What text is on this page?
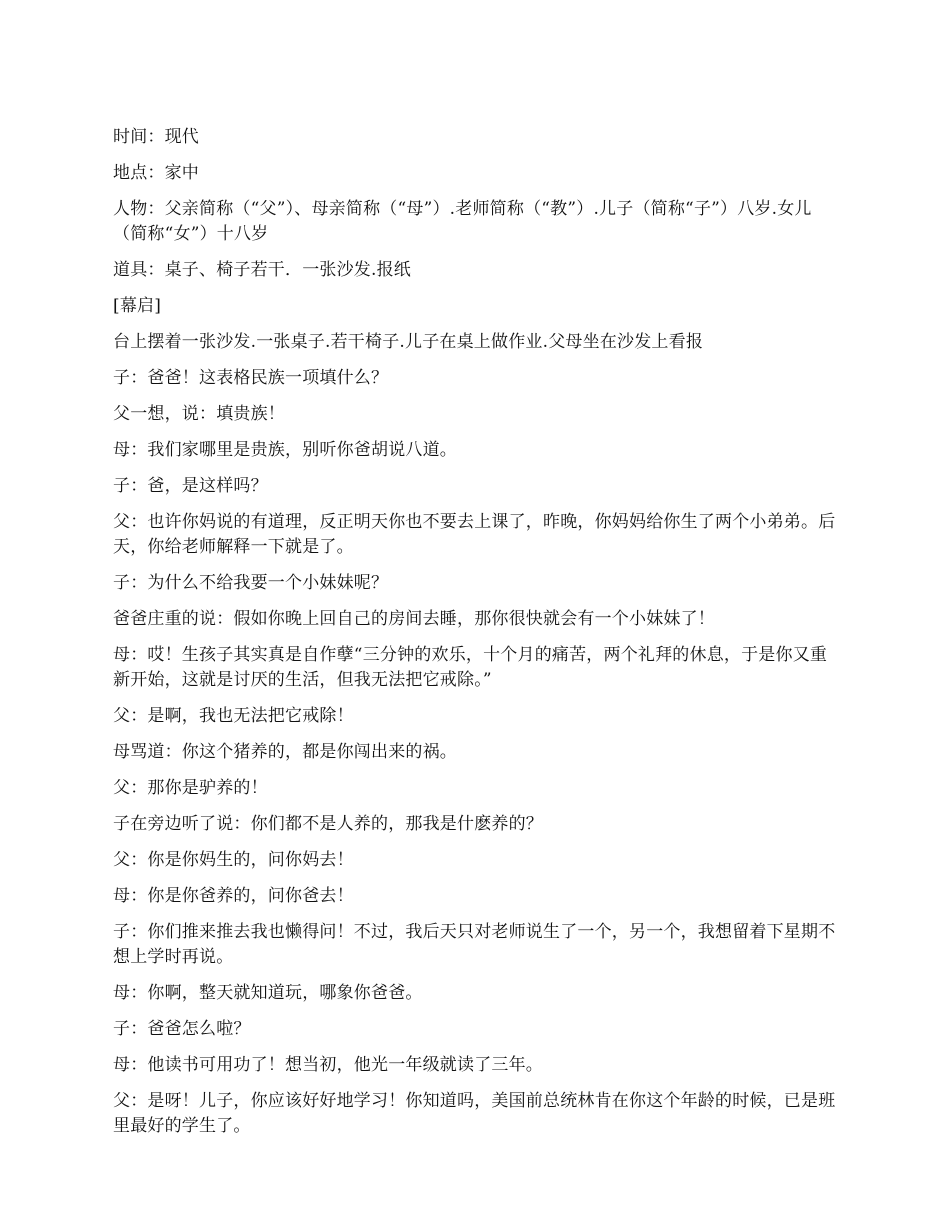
时间：现代

地点：家中

人物：父亲简称（“父”）、母亲简称（“母”）.老师简称（“教”）.儿子（简称“子”）八岁.女儿（简称“女”）十八岁

道具：桌子、椅子若干．一张沙发.报纸

[幕启]

台上摆着一张沙发.一张桌子.若干椅子.儿子在桌上做作业.父母坐在沙发上看报

子：爸爸！这表格民族一项填什么？

父一想，说：填贵族！

母：我们家哪里是贵族，别听你爸胡说八道。

子：爸，是这样吗？

父：也许你妈说的有道理，反正明天你也不要去上课了，昨晚，你妈妈给你生了两个小弟弟。后天，你给老师解释一下就是了。

子：为什么不给我要一个小妹妹呢？

爸爸庄重的说：假如你晚上回自己的房间去睡，那你很快就会有一个小妹妹了！

母：哎！生孩子其实真是自作孽“三分钟的欢乐，十个月的痛苦，两个礼拜的休息，于是你又重新开始，这就是讨厌的生活，但我无法把它戒除。”

父：是啊，我也无法把它戒除！

母骂道：你这个猪养的，都是你闯出来的祸。

父：那你是驴养的！

子在旁边听了说：你们都不是人养的，那我是什麽养的？

父：你是你妈生的，问你妈去！

母：你是你爸养的，问你爸去！

子：你们推来推去我也懒得问！不过，我后天只对老师说生了一个，另一个，我想留着下星期不想上学时再说。

母：你啊，整天就知道玩，哪象你爸爸。

子：爸爸怎么啦？

母：他读书可用功了！想当初，他光一年级就读了三年。

父：是呀！儿子，你应该好好地学习！你知道吗，美国前总统林肯在你这个年龄的时候，已是班里最好的学生了。
